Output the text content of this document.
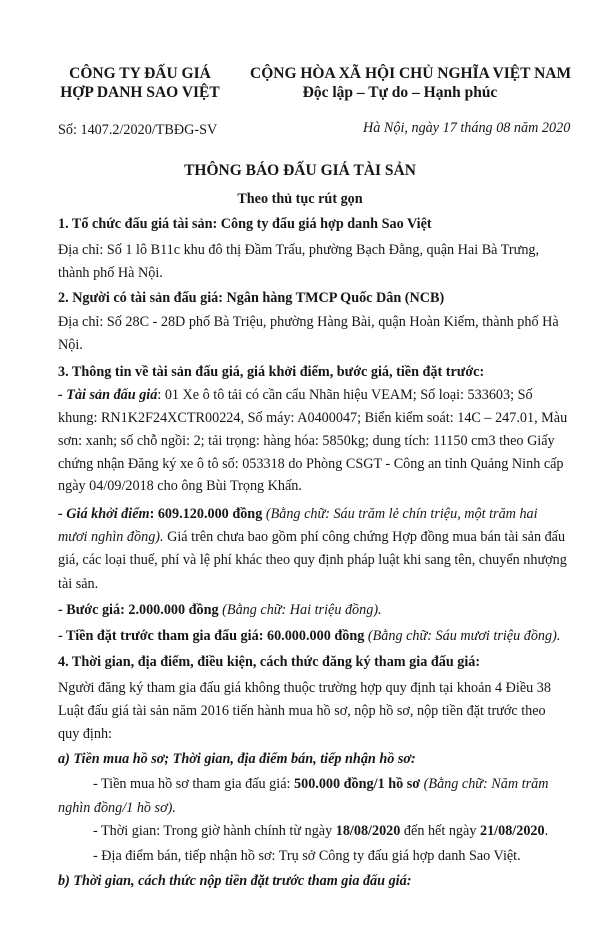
CÔNG TY ĐẤU GIÁ
HỢP DANH SAO VIỆT
CỘNG HÒA XÃ HỘI CHỦ NGHĨA VIỆT NAM
Độc lập – Tự do – Hạnh phúc
Số: 1407.2/2020/TBĐG-SV	Hà Nội, ngày 17 tháng 08 năm 2020
THÔNG BÁO ĐẤU GIÁ TÀI SẢN
Theo thủ tục rút gọn
1. Tổ chức đấu giá tài sản: Công ty đấu giá hợp danh Sao Việt
Địa chỉ: Số 1 lô B11c khu đô thị Đầm Trấu, phường Bạch Đằng, quận Hai Bà Trưng,
thành phố Hà Nội.
2. Người có tài sản đấu giá: Ngân hàng TMCP Quốc Dân (NCB)
Địa chỉ: Số 28C - 28D phố Bà Triệu, phường Hàng Bài, quận Hoàn Kiếm, thành phố Hà
Nội.
3. Thông tin về tài sản đấu giá, giá khởi điểm, bước giá, tiền đặt trước:
- Tài sản đấu giá: 01 Xe ô tô tải có cần cẩu Nhãn hiệu VEAM; Số loại: 533603; Số
khung: RN1K2F24XCTR00224, Số máy: A0400047; Biển kiểm soát: 14C – 247.01, Màu
sơn: xanh; số chỗ ngồi: 2; tải trọng: hàng hóa: 5850kg; dung tích: 11150 cm3 theo Giấy
chứng nhận Đăng ký xe ô tô số: 053318 do Phòng CSGT - Công an tỉnh Quảng Ninh cấp
ngày 04/09/2018 cho ông Bùi Trọng Khấn.
- Giá khởi điểm: 609.120.000 đồng (Bằng chữ: Sáu trăm lẻ chín triệu, một trăm hai
mươi nghìn đồng). Giá trên chưa bao gồm phí công chứng Hợp đồng mua bán tài sản đấu
giá, các loại thuế, phí và lệ phí khác theo quy định pháp luật khi sang tên, chuyển nhượng
tài sản.
- Bước giá: 2.000.000 đồng (Bằng chữ: Hai triệu đồng).
- Tiền đặt trước tham gia đấu giá: 60.000.000 đồng (Bằng chữ: Sáu mươi triệu đồng).
4. Thời gian, địa điểm, điều kiện, cách thức đăng ký tham gia đấu giá:
Người đăng ký tham gia đấu giá không thuộc trường hợp quy định tại khoản 4 Điều 38
Luật đấu giá tài sản năm 2016 tiến hành mua hồ sơ, nộp hồ sơ, nộp tiền đặt trước theo
quy định:
a) Tiền mua hồ sơ; Thời gian, địa điểm bán, tiếp nhận hồ sơ:
- Tiền mua hồ sơ tham gia đấu giá: 500.000 đồng/1 hồ sơ (Bằng chữ: Năm trăm
nghìn đồng/1 hồ sơ).
- Thời gian: Trong giờ hành chính từ ngày 18/08/2020 đến hết ngày 21/08/2020.
- Địa điểm bán, tiếp nhận hồ sơ: Trụ sở Công ty đấu giá hợp danh Sao Việt.
b) Thời gian, cách thức nộp tiền đặt trước tham gia đấu giá:
